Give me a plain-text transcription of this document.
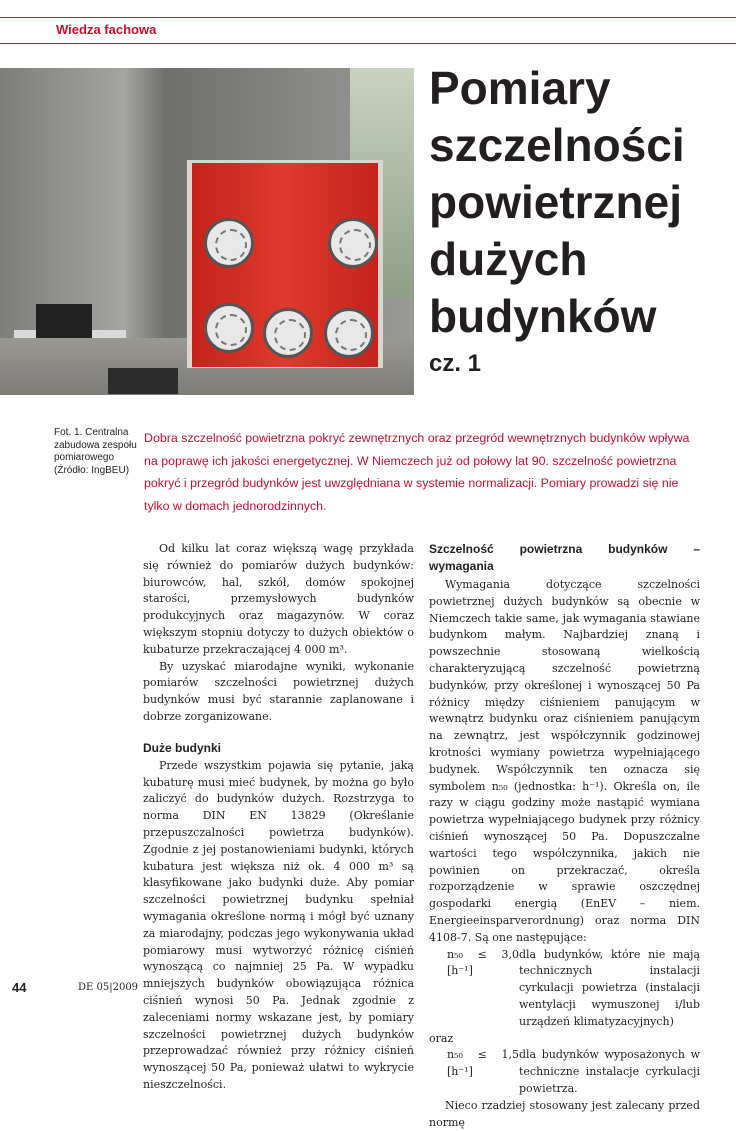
Wiedza fachowa
Pomiary szczelności powietrznej dużych budynków
cz. 1
Fot. 1. Centralna zabudowa zespołu pomiarowego (Źródło: IngBEU)
Dobra szczelność powietrzna pokryć zewnętrznych oraz przegród wewnętrznych budynków wpływa na poprawę ich jakości energetycznej. W Niemczech już od połowy lat 90. szczelność powietrzna pokryć i przegród budynków jest uwzględniana w systemie normalizacji. Pomiary prowadzi się nie tylko w domach jednorodzinnych.

Od kilku lat coraz większą wagę przykłada się również do pomiarów dużych budynków: biurowców, hal, szkół, domów spokojnej starości, przemysłowych budynków produkcyjnych oraz magazynów. W coraz większym stopniu dotyczy to dużych obiektów o kubaturze przekraczającej 4 000 m³.

By uzyskać miarodajne wyniki, wykonanie pomiarów szczelności powietrznej dużych budynków musi być starannie zaplanowane i dobrze zorganizowane.

Duże budynki

Przede wszystkim pojawia się pytanie, jaką kubaturę musi mieć budynek, by można go było zaliczyć do budynków dużych. Rozstrzyga to norma DIN EN 13829 (Określanie przepuszczalności powietrza budynków). Zgodnie z jej postanowieniami budynki, których kubatura jest większa niż ok. 4 000 m³ są klasyfikowane jako budynki duże. Aby pomiar szczelności powietrznej budynku spełniał wymagania określone normą i mógł być uznany za miarodajny, podczas jego wykonywania układ pomiarowy musi wytworzyć różnicę ciśnień wynoszącą co najmniej 25 Pa. W wypadku mniejszych budynków obowiązująca różnica ciśnień wynosi 50 Pa. Jednak zgodnie z zaleceniami normy wskazane jest, by pomiary szczelności powietrznej dużych budynków przeprowadzać również przy różnicy ciśnień wynoszącej 50 Pa, ponieważ ułatwi to wykrycie nieszczelności.

Szczelność powietrzna budynków – wymagania

Wymagania dotyczące szczelności powietrznej dużych budynków są obecnie w Niemczech takie same, jak wymagania stawiane budynkom małym. Najbardziej znaną i powszechnie stosowaną wielkością charakteryzującą szczelność powietrzną budynków, przy określonej i wynoszącej 50 Pa różnicy między ciśnieniem panującym w wewnątrz budynku oraz ciśnieniem panującym na zewnątrz, jest współczynnik godzinowej krotności wymiany powietrza wypełniającego budynek. Współczynnik ten oznacza się symbolem n₅₀ (jednostka: h⁻¹). Określa on, ile razy w ciągu godziny może nastąpić wymiana powietrza wypełniającego budynek przy różnicy ciśnień wynoszącej 50 Pa. Dopuszczalne wartości tego współczynnika, jakich nie powinien on przekraczać, określa rozporządzenie w sprawie oszczędnej gospodarki energią (EnEV – niem. Energieeinsparverordnung) oraz norma DIN 4108-7. Są one następujące:

n₅₀ ≤ 3,0 [h⁻¹]
dla budynków, które nie mają technicznych instalacji cyrkulacji powietrza (instalacji wentylacji wymuszonej i/lub urządzeń klimatyzacyjnych)

oraz

n₅₀ ≤ 1,5 [h⁻¹]
dla budynków wyposażonych w techniczne instalacje cyrkulacji powietrza.

Nieco rzadziej stosowany jest zalecany przed normę

44	DE 05|2009
